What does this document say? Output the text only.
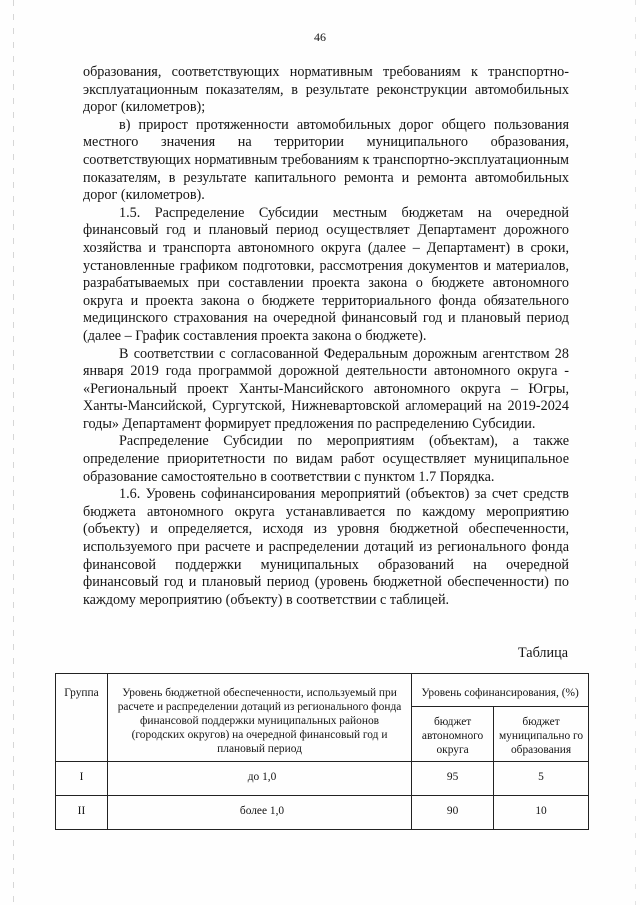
46

образования, соответствующих нормативным требованиям к транспортно-эксплуатационным показателям, в результате реконструкции автомобильных дорог (километров);

в) прирост протяженности автомобильных дорог общего пользования местного значения на территории муниципального образования, соответствующих нормативным требованиям к транспортно-эксплуатационным показателям, в результате капитального ремонта и ремонта автомобильных дорог (километров).

1.5. Распределение Субсидии местным бюджетам на очередной финансовый год и плановый период осуществляет Департамент дорожного хозяйства и транспорта автономного округа (далее – Департамент) в сроки, установленные графиком подготовки, рассмотрения документов и материалов, разрабатываемых при составлении проекта закона о бюджете автономного округа и проекта закона о бюджете территориального фонда обязательного медицинского страхования на очередной финансовый год и плановый период (далее – График составления проекта закона о бюджете).

В соответствии с согласованной Федеральным дорожным агентством 28 января 2019 года программой дорожной деятельности автономного округа - «Региональный проект Ханты-Мансийского автономного округа – Югры, Ханты-Мансийской, Сургутской, Нижневартовской агломераций на 2019-2024 годы» Департамент формирует предложения по распределению Субсидии.

Распределение Субсидии по мероприятиям (объектам), а также определение приоритетности по видам работ осуществляет муниципальное образование самостоятельно в соответствии с пунктом 1.7 Порядка.

1.6. Уровень софинансирования мероприятий (объектов) за счет средств бюджета автономного округа устанавливается по каждому мероприятию (объекту) и определяется, исходя из уровня бюджетной обеспеченности, используемого при расчете и распределении дотаций из регионального фонда финансовой поддержки муниципальных образований на очередной финансовый год и плановый период (уровень бюджетной обеспеченности) по каждому мероприятию (объекту) в соответствии с таблицей.

Таблица
Группа	Уровень бюджетной обеспеченности, используемый при расчете и распределении дотаций из регионального фонда финансовой поддержки муниципальных районов (городских округов) на очередной финансовый год и плановый период	Уровень софинансирования, (%)	
		бюджет автономного округа	бюджет муниципально го образования
I	до 1,0	95	5
II	более 1,0	90	10
